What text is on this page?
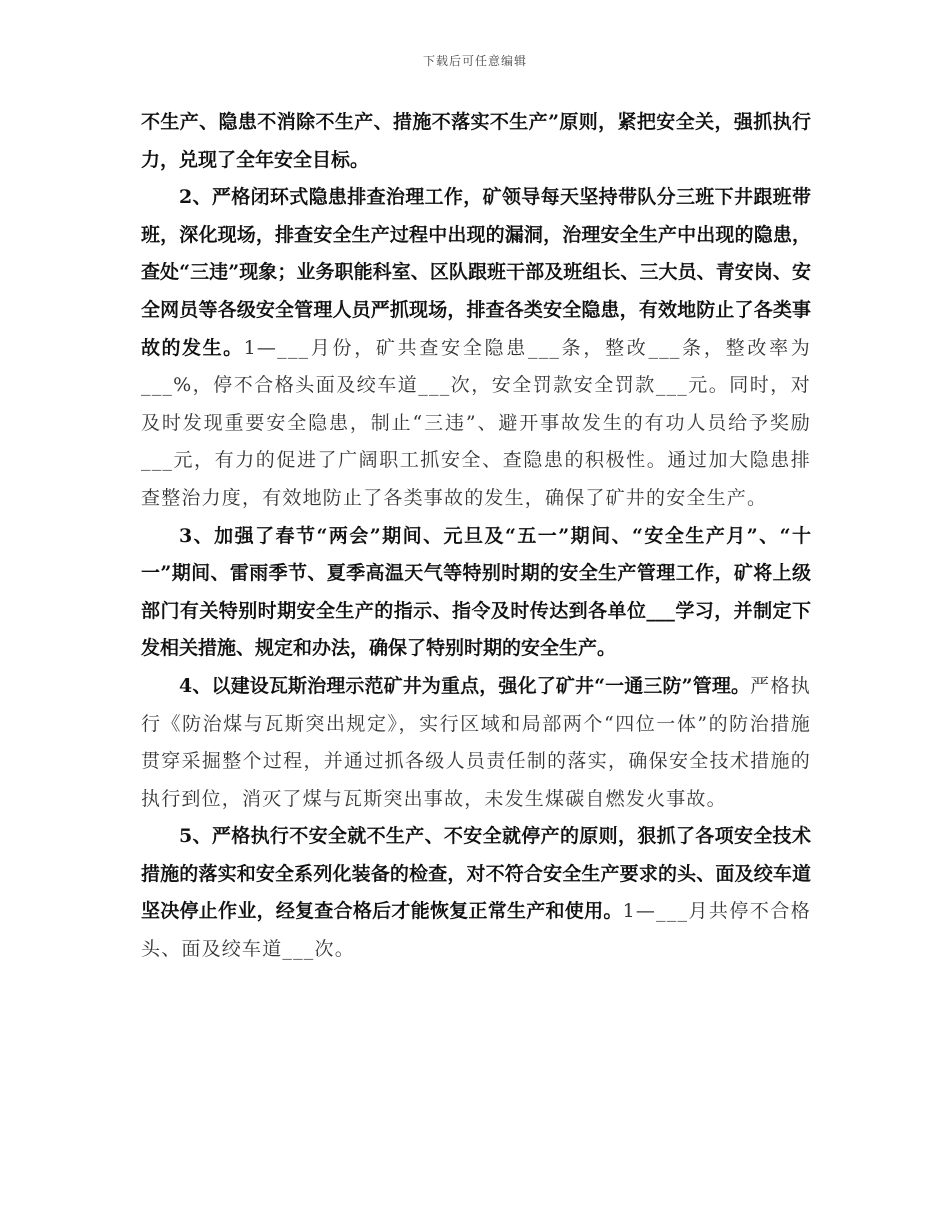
下载后可任意编辑

不生产、隐患不消除不生产、措施不落实不生产”原则，紧把安全关，强抓执行力，兑现了全年安全目标。

2、严格闭环式隐患排查治理工作，矿领导每天坚持带队分三班下井跟班带班，深化现场，排查安全生产过程中出现的漏洞，治理安全生产中出现的隐患，查处“三违”现象；业务职能科室、区队跟班干部及班组长、三大员、青安岗、安全网员等各级安全管理人员严抓现场，排查各类安全隐患，有效地防止了各类事故的发生。1—___月份，矿共查安全隐患___条，整改___条，整改率为___%，停不合格头面及绞车道___次，安全罚款安全罚款___元。同时，对及时发现重要安全隐患，制止“三违”、避开事故发生的有功人员给予奖励___元，有力的促进了广阔职工抓安全、查隐患的积极性。通过加大隐患排查整治力度，有效地防止了各类事故的发生，确保了矿井的安全生产。

3、加强了春节“两会”期间、元旦及“五一”期间、“安全生产月”、“十一”期间、雷雨季节、夏季高温天气等特别时期的安全生产管理工作，矿将上级部门有关特别时期安全生产的指示、指令及时传达到各单位___学习，并制定下发相关措施、规定和办法，确保了特别时期的安全生产。

4、以建设瓦斯治理示范矿井为重点，强化了矿井“一通三防”管理。严格执行《防治煤与瓦斯突出规定》，实行区域和局部两个“四位一体”的防治措施贯穿采掘整个过程，并通过抓各级人员责任制的落实，确保安全技术措施的执行到位，消灭了煤与瓦斯突出事故，未发生煤碳自燃发火事故。

5、严格执行不安全就不生产、不安全就停产的原则，狠抓了各项安全技术措施的落实和安全系列化装备的检查，对不符合安全生产要求的头、面及绞车道坚决停止作业，经复查合格后才能恢复正常生产和使用。1—___月共停不合格头、面及绞车道___次。
